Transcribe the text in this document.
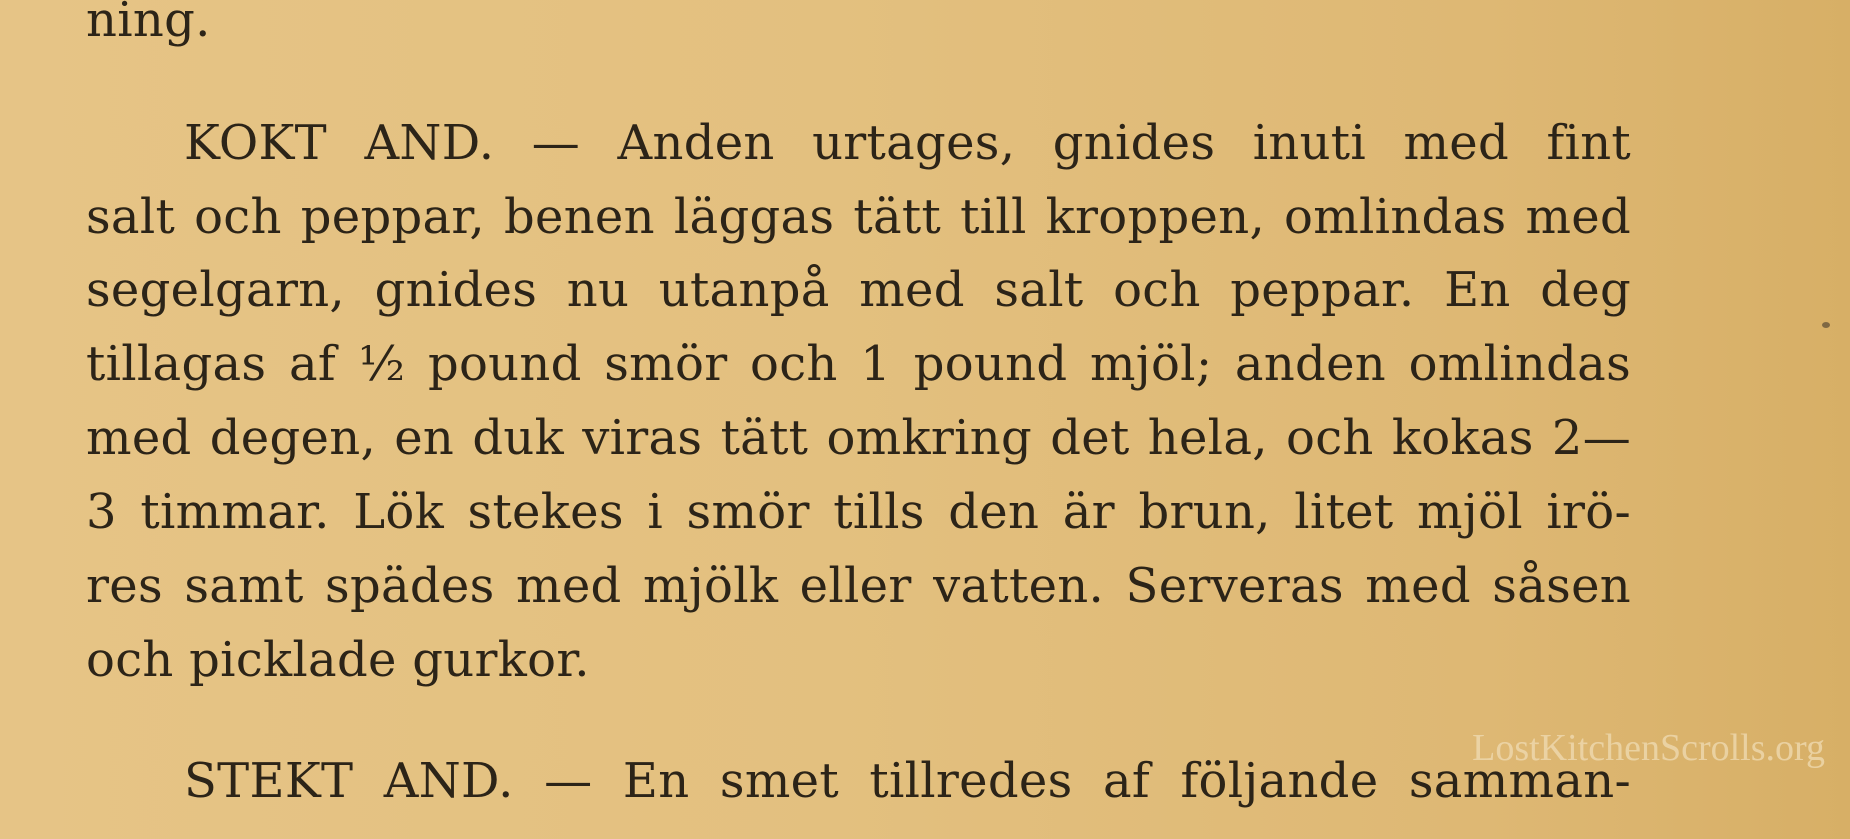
ning.
KOKT AND. — Anden urtages, gnides inuti med fint
salt och peppar, benen läggas tätt till kroppen, omlindas med
segelgarn, gnides nu utanpå med salt och peppar. En deg
tillagas af ½ pound smör och 1 pound mjöl; anden omlindas
med degen, en duk viras tätt omkring det hela, och kokas 2—
3 timmar. Lök stekes i smör tills den är brun, litet mjöl irö-
res samt spädes med mjölk eller vatten. Serveras med såsen
och picklade gurkor.
STEKT AND. — En smet tillredes af följande samman-
LostKitchenScrolls.org
